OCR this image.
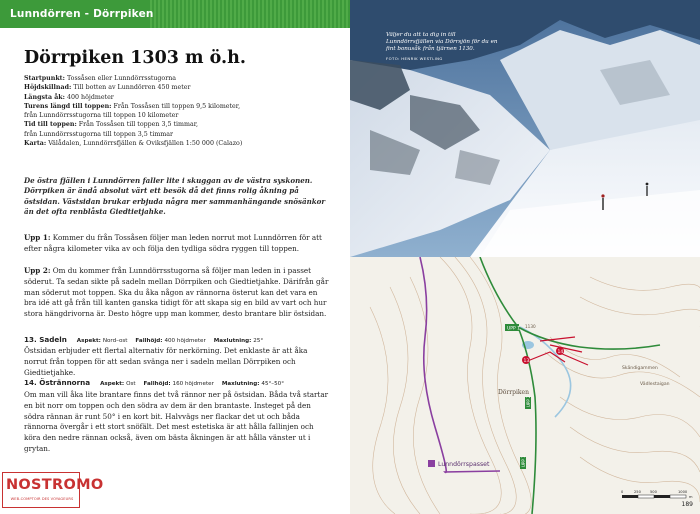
Lunndörren - Dörrpiken
Dörrpiken 1303 m ö.h.
Startpunkt: Tossåsen eller Lunndörrsstugorna
Höjdskillnad: Till botten av Lunndörren 450 meter
Längsta åk: 400 höjdmeter
Turens längd till toppen: Från Tossåsen till toppen 9,5 kilometer,
från Lunndörrsstugorna till toppen 10 kilometer
Tid till toppen: Från Tossåsen till toppen 3,5 timmar,
från Lunndörrsstugorna till toppen 3,5 timmar
Karta: Välådalen, Lunndörrsfjällen & Oviksfjällen 1:50 000 (Calazo)

De östra fjällen i Lunndörren faller lite i skuggan av de västra syskonen. Dörrpiken är ändå absolut värt ett besök då det finns rolig åkning på östsidan. Västsidan brukar erbjuda några mer sammanhängande snösänkor än det ofta renblåsta Giedtietjahke.

Upp 1: Kommer du från Tossåsen följer man leden norrut mot Lunndörren för att efter några kilometer vika av och följa den tydliga södra ryggen till toppen.

Upp 2: Om du kommer från Lunndörrsstugorna så följer man leden in i passet söderut. Ta sedan sikte på sadeln mellan Dörrpiken och Giedtietjahke. Därifrån går man söderut mot toppen. Ska du åka någon av rännorna österut kan det vara en bra idé att gå från till kanten ganska tidigt för att skapa sig en bild av vart och hur stora hängdrivorna är. Desto högre upp man kommer, desto brantare blir östsidan.

13. Sadeln Aspekt: Nord–ost Fallhöjd: 400 höjdmeter Maxlutning: 25°

Östsidan erbjuder ett flertal alternativ för nerkörning. Det enklaste är att åka norrut från toppen för att sedan svänga ner i sadeln mellan Dörrpiken och Giedtietjahke.

14. Östrännorna Aspekt: Ost Fallhöjd: 160 höjdmeter Maxlutning: 45°–50°

Om man vill åka lite brantare finns det två rännor ner på östsidan. Båda två startar en bit norr om toppen och den södra av dem är den brantaste. Insteget på den södra rännan är runt 50° i en kort bit. Halvvägs ner flackar det ut och båda rännorna övergår i ett stort snöfält. Det mest estetiska är att hålla fallinjen och köra den nedre rännan också, även om bästa åkningen är att hålla vänster ut i grytan.

NOSTROMO
WEB-COMPTOIR DES VOYAGEURS

Väljer du att ta dig in till Lunndörrsfjällen via Dörrsjön för du en fint bonusåk från tjärnen 1130.
FOTO: HENRIK WESTLING

UPP 1
UPP 2
UPP 1
13
14
Dörrpiken
Lunndörrspasset
Skändigammen
Vädlestaigan
1130
0	250	500	1000
m
189
